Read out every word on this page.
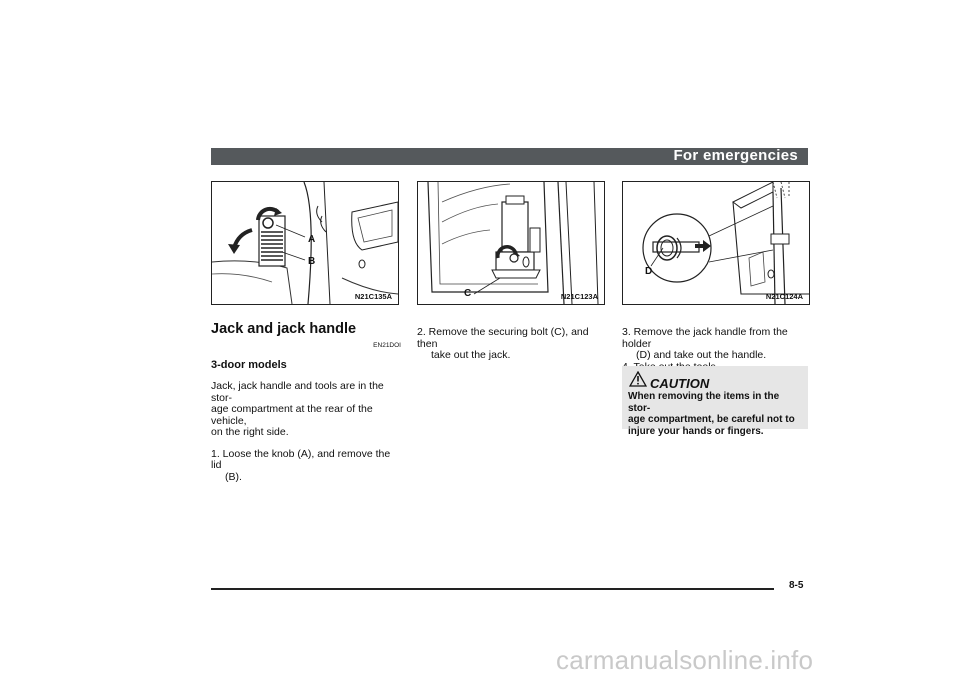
For emergencies
A
B
N21C135A	C	N21C123A
D
N21C124A
Jack and jack handle
EN21DOI
3-door models

Jack, jack handle and tools are in the stor-

age compartment at the rear of the vehicle,

on the right side.

1. Loose the knob (A), and remove the lid

(B).

2. Remove the securing bolt (C), and then

take out the jack.

3. Remove the jack handle from the holder

(D) and take out the handle.

CAUTION
When removing the items in the stor-
age compartment, be careful not to
injure your hands or fingers.
8-5
carmanualsonline.info
